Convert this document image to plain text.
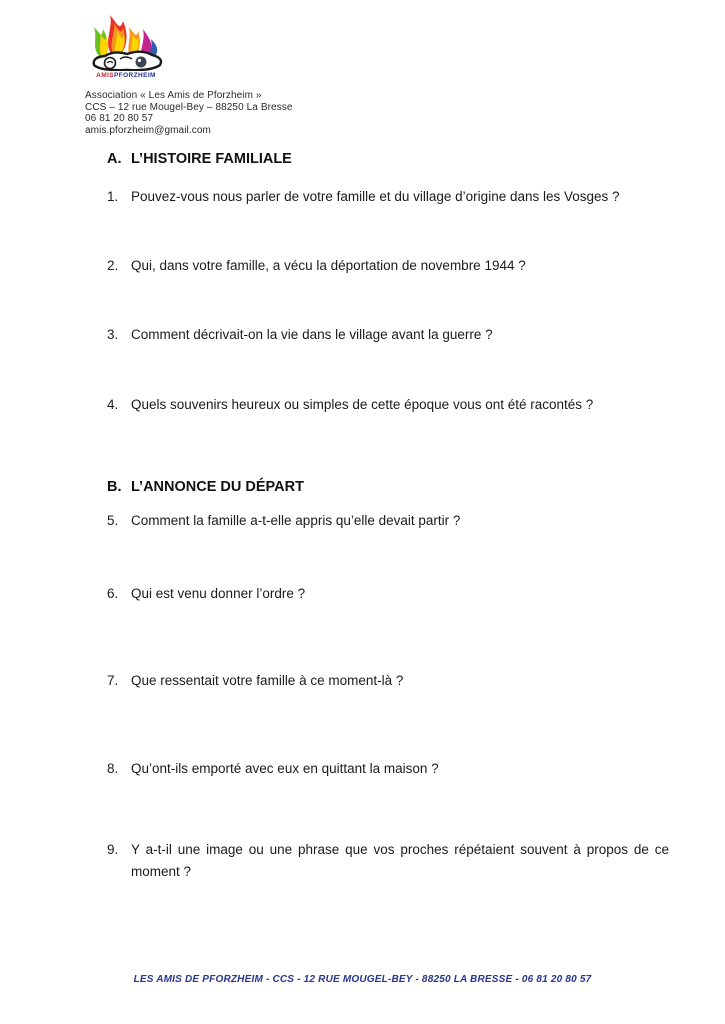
AMISPFORZHEIM
Association « Les Amis de Pforzheim »
CCS – 12 rue Mougel-Bey – 88250 La Bresse
06 81 20 80 57
amis.pforzheim@gmail.com
A. L’HISTOIRE FAMILIALE
1. Pouvez-vous nous parler de votre famille et du village d’origine dans les Vosges ?
2. Qui, dans votre famille, a vécu la déportation de novembre 1944 ?
3. Comment décrivait-on la vie dans le village avant la guerre ?
4. Quels souvenirs heureux ou simples de cette époque vous ont été racontés ?
B. L’ANNONCE DU DÉPART
5. Comment la famille a-t-elle appris qu’elle devait partir ?
6. Qui est venu donner l’ordre ?
7. Que ressentait votre famille à ce moment-là ?
8. Qu’ont-ils emporté avec eux en quittant la maison ?
9. Y a-t-il une image ou une phrase que vos proches répétaient souvent à propos de ce moment ?
LES AMIS DE PFORZHEIM - CCS - 12 RUE MOUGEL-BEY - 88250 LA BRESSE - 06 81 20 80 57
